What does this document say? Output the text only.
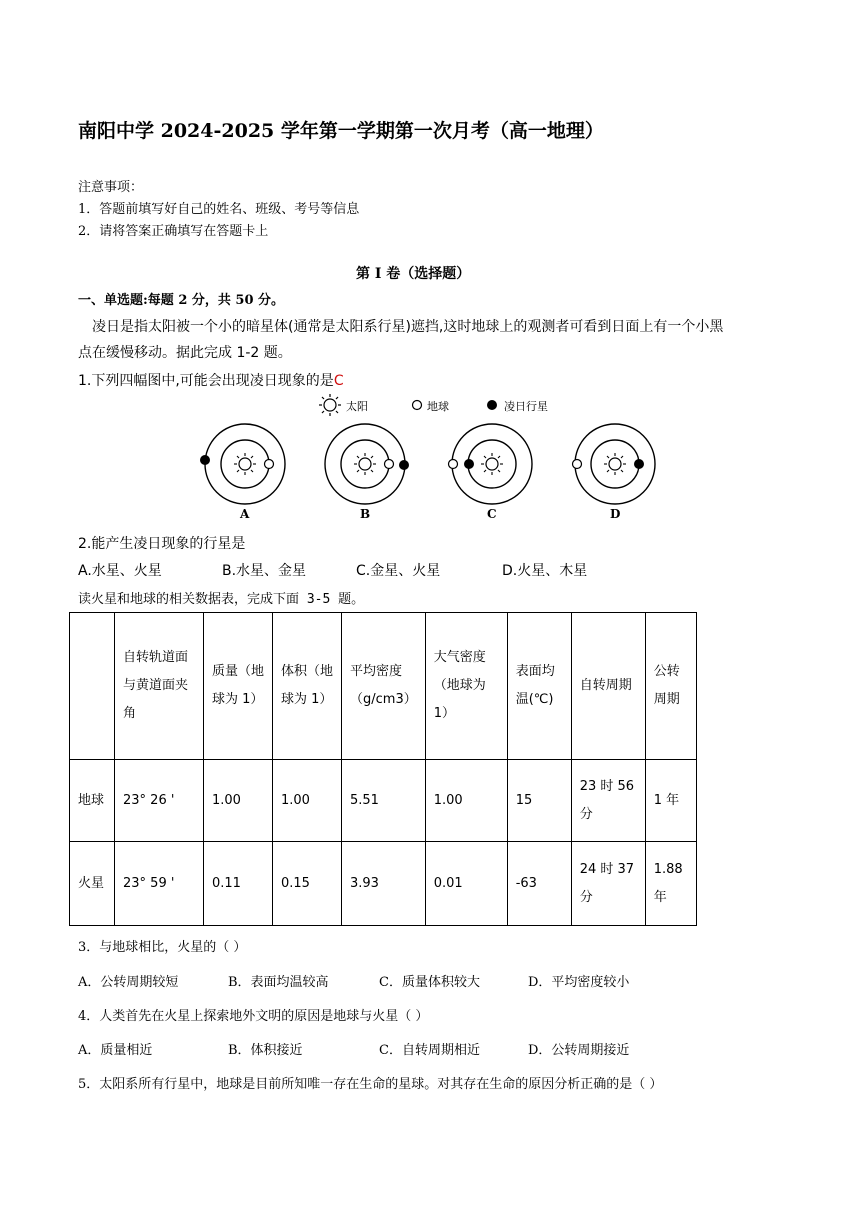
南阳中学 2024-2025 学年第一学期第一次月考（高一地理）
注意事项：
1．答题前填写好自己的姓名、班级、考号等信息
2．请将答案正确填写在答题卡上
第 I 卷（选择题）
一、单选题:每题 2 分，共 50 分。
凌日是指太阳被一个小的暗星体(通常是太阳系行星)遮挡,这时地球上的观测者可看到日面上有一个小黑
点在缓慢移动。据此完成 1-2 题。
1.下列四幅图中,可能会出现凌日现象的是C
太阳	地球	凌日行星
A	B	C	D
2.能产生凌日现象的行星是
A.水星、火星	B.水星、金星	C.金星、火星	D.火星、木星
读火星和地球的相关数据表，完成下面 3-5 题。
	自转轨道面与黄道面夹角	质量（地球为 1）	体积（地球为 1）	平均密度（g/cm3）	大气密度（地球为 1）	表面均温(℃)	自转周期	公转周期
地球	23° 26 '	1.00	1.00	5.51	1.00	15	23 时 56 分	1 年
火星	23° 59 '	0.11	0.15	3.93	0.01	-63	24 时 37 分	1.88 年
3．与地球相比，火星的（ ）
A．公转周期较短	B．表面均温较高	C．质量体积较大	D．平均密度较小
4．人类首先在火星上探索地外文明的原因是地球与火星（ ）
A．质量相近	B．体积接近	C．自转周期相近	D．公转周期接近
5．太阳系所有行星中，地球是目前所知唯一存在生命的星球。对其存在生命的原因分析正确的是（ ）
